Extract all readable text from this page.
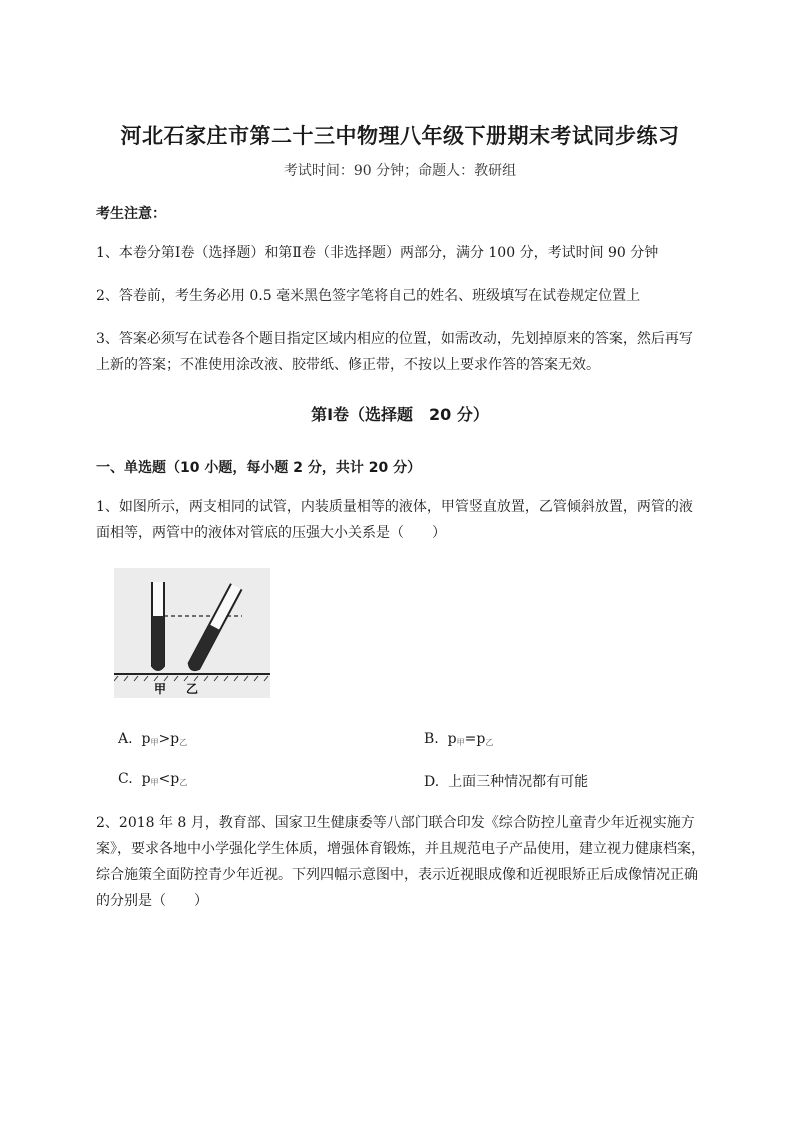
河北石家庄市第二十三中物理八年级下册期末考试同步练习
考试时间：90 分钟；命题人：教研组
考生注意：
1、本卷分第Ⅰ卷（选择题）和第Ⅱ卷（非选择题）两部分，满分 100 分，考试时间 90 分钟
2、答卷前，考生务必用 0.5 毫米黑色签字笔将自己的姓名、班级填写在试卷规定位置上
3、答案必须写在试卷各个题目指定区域内相应的位置，如需改动，先划掉原来的答案，然后再写上新的答案；不准使用涂改液、胶带纸、修正带，不按以上要求作答的答案无效。
第Ⅰ卷（选择题　20 分）
一、单选题（10 小题，每小题 2 分，共计 20 分）
1、如图所示，两支相同的试管，内装质量相等的液体，甲管竖直放置，乙管倾斜放置，两管的液面相等，两管中的液体对管底的压强大小关系是（　　）
甲 乙
A. $p_甲>p_乙$	B. $p_甲=p_乙$
C. $p_甲<p_乙$	D. 上面三种情况都有可能
2、2018 年 8 月，教育部、国家卫生健康委等八部门联合印发《综合防控儿童青少年近视实施方案》，要求各地中小学强化学生体质，增强体育锻炼，并且规范电子产品使用，建立视力健康档案，综合施策全面防控青少年近视。下列四幅示意图中，表示近视眼成像和近视眼矫正后成像情况正确的分别是（　　）
